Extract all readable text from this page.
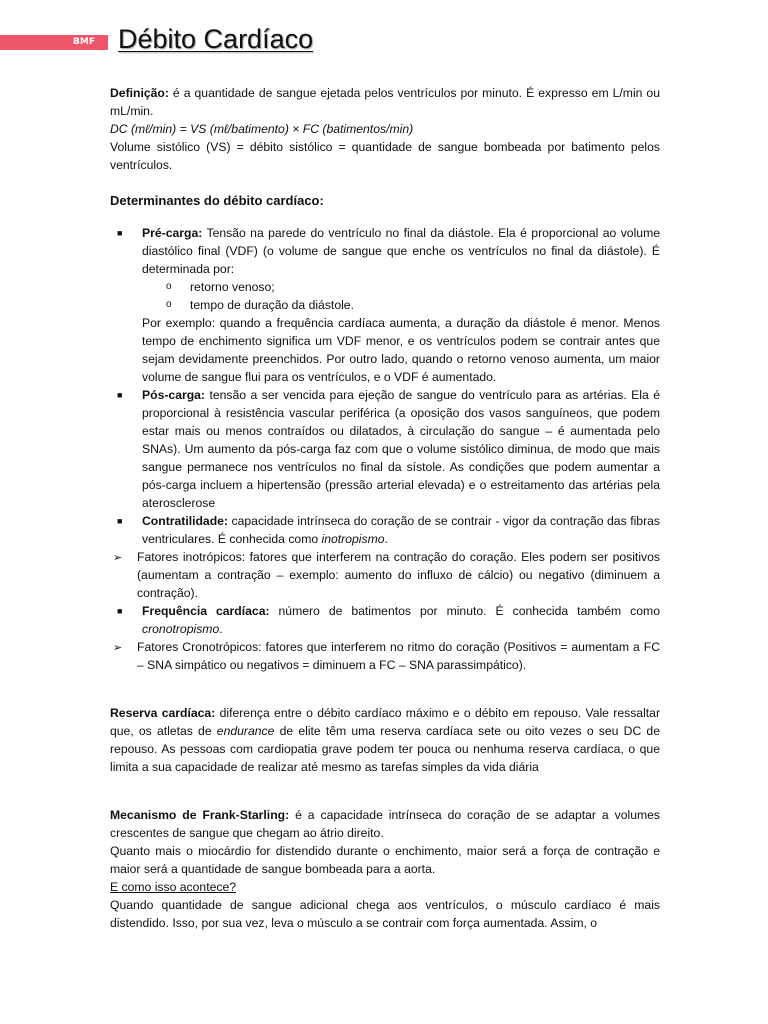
BMF Débito Cardíaco

Definição: é a quantidade de sangue ejetada pelos ventrículos por minuto. É expresso em L/min ou mL/min.

DC (mℓ/min) = VS (mℓ/batimento) × FC (batimentos/min)

Volume sistólico (VS) = débito sistólico = quantidade de sangue bombeada por batimento pelos ventrículos.

Determinantes do débito cardíaco:

■ Pré-carga: Tensão na parede do ventrículo no final da diástole. Ela é proporcional ao volume diastólico final (VDF) (o volume de sangue que enche os ventrículos no final da diástole). É determinada por:

o retorno venoso;
o tempo de duração da diástole.

Por exemplo: quando a frequência cardíaca aumenta, a duração da diástole é menor. Menos tempo de enchimento significa um VDF menor, e os ventrículos podem se contrair antes que sejam devidamente preenchidos. Por outro lado, quando o retorno venoso aumenta, um maior volume de sangue flui para os ventrículos, e o VDF é aumentado.

■ Pós-carga: tensão a ser vencida para ejeção de sangue do ventrículo para as artérias. Ela é proporcional à resistência vascular periférica (a oposição dos vasos sanguíneos, que podem estar mais ou menos contraídos ou dilatados, à circulação do sangue – é aumentada pelo SNAs). Um aumento da pós-carga faz com que o volume sistólico diminua, de modo que mais sangue permanece nos ventrículos no final da sístole. As condições que podem aumentar a pós-carga incluem a hipertensão (pressão arterial elevada) e o estreitamento das artérias pela aterosclerose

■ Contratilidade: capacidade intrínseca do coração de se contrair - vigor da contração das fibras ventriculares. É conhecida como inotropismo.

➢ Fatores inotrópicos: fatores que interferem na contração do coração. Eles podem ser positivos (aumentam a contração – exemplo: aumento do influxo de cálcio) ou negativo (diminuem a contração).

■ Frequência cardíaca: número de batimentos por minuto. É conhecida também como cronotropismo.

➢ Fatores Cronotrópicos: fatores que interferem no ritmo do coração (Positivos = aumentam a FC – SNA simpático ou negativos = diminuem a FC – SNA parassimpático).

Reserva cardíaca: diferença entre o débito cardíaco máximo e o débito em repouso. Vale ressaltar que, os atletas de endurance de elite têm uma reserva cardíaca sete ou oito vezes o seu DC de repouso. As pessoas com cardiopatia grave podem ter pouca ou nenhuma reserva cardíaca, o que limita a sua capacidade de realizar até mesmo as tarefas simples da vida diária

Mecanismo de Frank-Starling: é a capacidade intrínseca do coração de se adaptar a volumes crescentes de sangue que chegam ao átrio direito.

Quanto mais o miocárdio for distendido durante o enchimento, maior será a força de contração e maior será a quantidade de sangue bombeada para a aorta.

E como isso acontece?

Quando quantidade de sangue adicional chega aos ventrículos, o músculo cardíaco é mais distendido. Isso, por sua vez, leva o músculo a se contrair com força aumentada. Assim, o
